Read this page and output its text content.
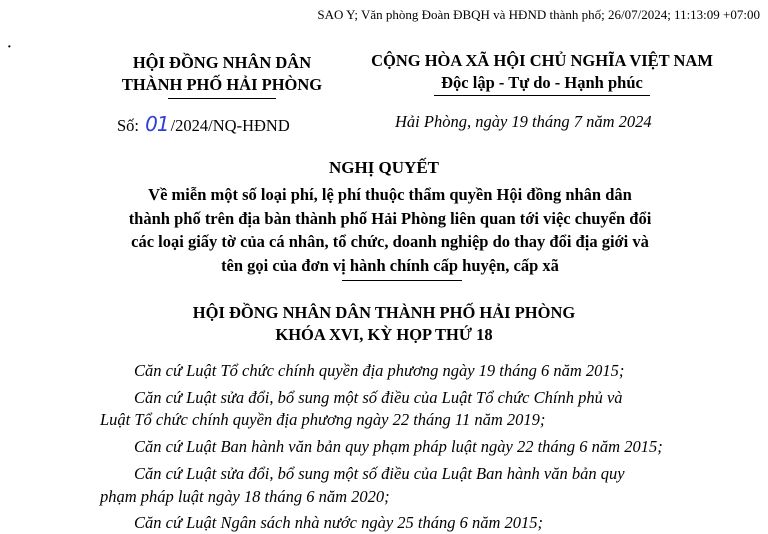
SAO Y; Văn phòng Đoàn ĐBQH và HĐND thành phố; 26/07/2024; 11:13:09 +07:00
·
HỘI ĐỒNG NHÂN DÂN
THÀNH PHỐ HẢI PHÒNG
CỘNG HÒA XÃ HỘI CHỦ NGHĨA VIỆT NAM
Độc lập - Tự do - Hạnh phúc
Số: 01 /2024/NQ-HĐND	Hải Phòng, ngày 19 tháng 7 năm 2024
NGHỊ QUYẾT
Về miễn một số loại phí, lệ phí thuộc thẩm quyền Hội đồng nhân dân
thành phố trên địa bàn thành phố Hải Phòng liên quan tới việc chuyển đổi
các loại giấy tờ của cá nhân, tổ chức, doanh nghiệp do thay đổi địa giới và
tên gọi của đơn vị hành chính cấp huyện, cấp xã
HỘI ĐỒNG NHÂN DÂN THÀNH PHỐ HẢI PHÒNG
KHÓA XVI, KỲ HỌP THỨ 18
Căn cứ Luật Tổ chức chính quyền địa phương ngày 19 tháng 6 năm 2015;
Căn cứ Luật sửa đổi, bổ sung một số điều của Luật Tổ chức Chính phủ và
Luật Tổ chức chính quyền địa phương ngày 22 tháng 11 năm 2019;
Căn cứ Luật Ban hành văn bản quy phạm pháp luật ngày 22 tháng 6 năm 2015;
Căn cứ Luật sửa đổi, bổ sung một số điều của Luật Ban hành văn bản quy
phạm pháp luật ngày 18 tháng 6 năm 2020;
Căn cứ Luật Ngân sách nhà nước ngày 25 tháng 6 năm 2015;
